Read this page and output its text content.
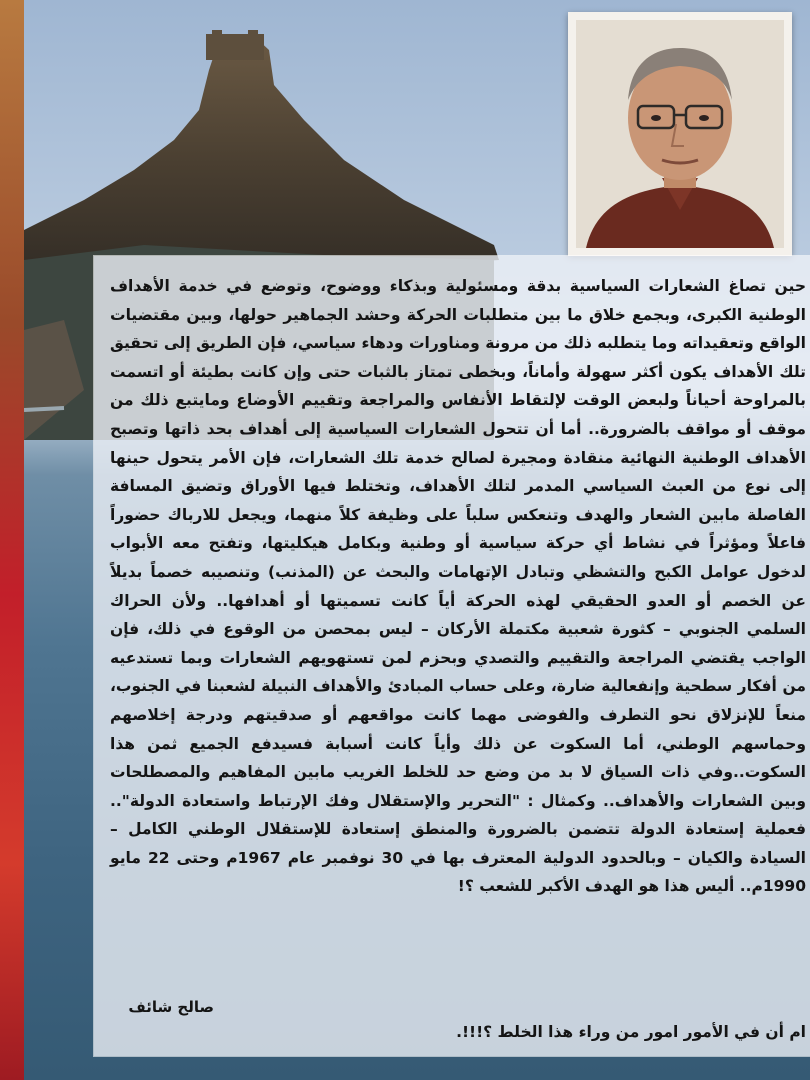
حين تصاغ الشعارات السياسية بدقة ومسئولية وبذكاء ووضوح، وتوضع في خدمة الأهداف الوطنية الكبرى، وبجمع خلاق ما بين متطلبات الحركة وحشد الجماهير حولها، وبين مقتضيات الواقع وتعقيداته وما يتطلبه ذلك من مرونة ومناورات ودهاء سياسي، فإن الطريق إلى تحقيق تلك الأهداف يكون أكثر سهولة وأماناً، وبخطى تمتاز بالثبات حتى وإن كانت بطيئة أو اتسمت بالمراوحة أحياناً ولبعض الوقت لإلتقاط الأنفاس والمراجعة وتقييم الأوضاع ومايتبع ذلك من موقف أو مواقف بالضرورة.. أما أن تتحول الشعارات السياسية إلى أهداف بحد ذاتها وتصبح الأهداف الوطنية النهائية منقادة ومجيرة لصالح خدمة تلك الشعارات، فإن الأمر يتحول حينها إلى نوع من العبث السياسي المدمر لتلك الأهداف، وتختلط فيها الأوراق وتضيق المسافة الفاصلة مابين الشعار والهدف وتنعكس سلباً على وظيفة كلاً منهما، ويجعل للارباك حضوراً فاعلاً ومؤثراً في نشاط أي حركة سياسية أو وطنية وبكامل هيكليتها، وتفتح معه الأبواب لدخول عوامل الكبح والتشظي وتبادل الإتهامات والبحث عن (المذنب) وتنصيبه خصماً بديلاً عن الخصم أو العدو الحقيقي لهذه الحركة أياً كانت تسميتها أو أهدافها.. ولأن الحراك السلمي الجنوبي – كثورة شعبية مكتملة الأركان – ليس بمحصن من الوقوع في ذلك، فإن الواجب يقتضي المراجعة والتقييم والتصدي وبحزم لمن تستهويهم الشعارات وبما تستدعيه من أفكار سطحية وإنفعالية ضارة، وعلى حساب المبادئ والأهداف النبيلة لشعبنا في الجنوب، منعاً للإنزلاق نحو التطرف والفوضى مهما كانت مواقعهم أو صدقيتهم ودرجة إخلاصهم وحماسهم الوطني، أما السكوت عن ذلك وأياً كانت أسبابة فسيدفع الجميع ثمن هذا السكوت..وفي ذات السياق لا بد من وضع حد للخلط الغريب مابين المفاهيم والمصطلحات وبين الشعارات والأهداف.. وكمثال : "التحرير والإستقلال وفك الإرتباط واستعادة الدولة".. فعملية إستعادة الدولة تتضمن بالضرورة والمنطق إستعادة للإستقلال الوطني الكامل – السيادة والكيان – وبالحدود الدولية المعترف بها في 30 نوفمبر عام 1967م وحتى 22 مايو 1990م.. أليس هذا هو الهدف الأكبر للشعب ؟!

صالح شائف
ام أن في الأمور امور من وراء هذا الخلط ؟!!!.
